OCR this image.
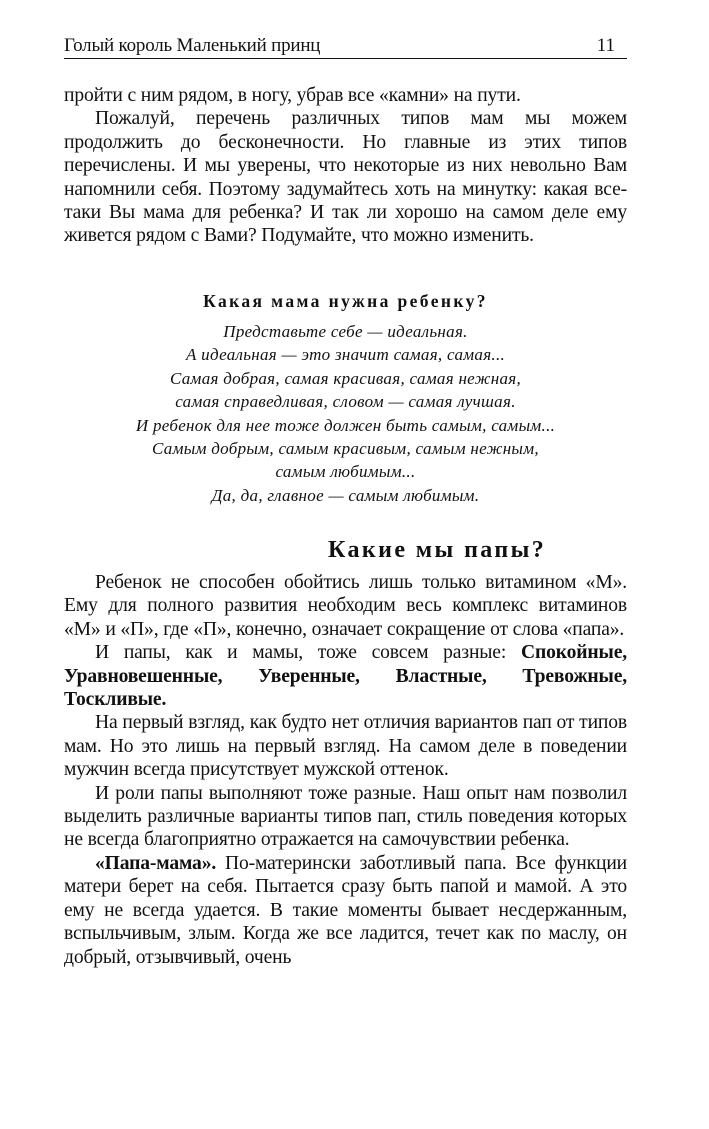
Голый король Маленький принц	11

пройти с ним рядом, в ногу, убрав все «камни» на пути.

Пожалуй, перечень различных типов мам мы можем продолжить до бесконечности. Но главные из этих типов перечислены. И мы уверены, что некоторые из них невольно Вам напомнили себя. Поэтому задумайтесь хоть на минутку: какая все-таки Вы мама для ребенка? И так ли хорошо на самом деле ему живется рядом с Вами? Подумайте, что можно изменить.

Какая мама нужна ребенку?
Представьте себе — идеальная.
А идеальная — это значит самая, самая...
Самая добрая, самая красивая, самая нежная,
самая справедливая, словом — самая лучшая.
И ребенок для нее тоже должен быть самым, самым...
Самым добрым, самым красивым, самым нежным,
самым любимым...
Да, да, главное — самым любимым.
Какие мы папы?

Ребенок не способен обойтись лишь только витамином «М». Ему для полного развития необходим весь комплекс витаминов «М» и «П», где «П», конечно, означает сокращение от слова «папа».

И папы, как и мамы, тоже совсем разные: Спокойные, Уравновешенные, Уверенные, Властные, Тревожные, Тоскливые.

На первый взгляд, как будто нет отличия вариантов пап от типов мам. Но это лишь на первый взгляд. На самом деле в поведении мужчин всегда присутствует мужской оттенок.

И роли папы выполняют тоже разные. Наш опыт нам позволил выделить различные варианты типов пап, стиль поведения которых не всегда благоприятно отражается на самочувствии ребенка.

«Папа-мама». По-матерински заботливый папа. Все функции матери берет на себя. Пытается сразу быть папой и мамой. А это ему не всегда удается. В такие моменты бывает несдержанным, вспыльчивым, злым. Когда же все ладится, течет как по маслу, он добрый, отзывчивый, очень
